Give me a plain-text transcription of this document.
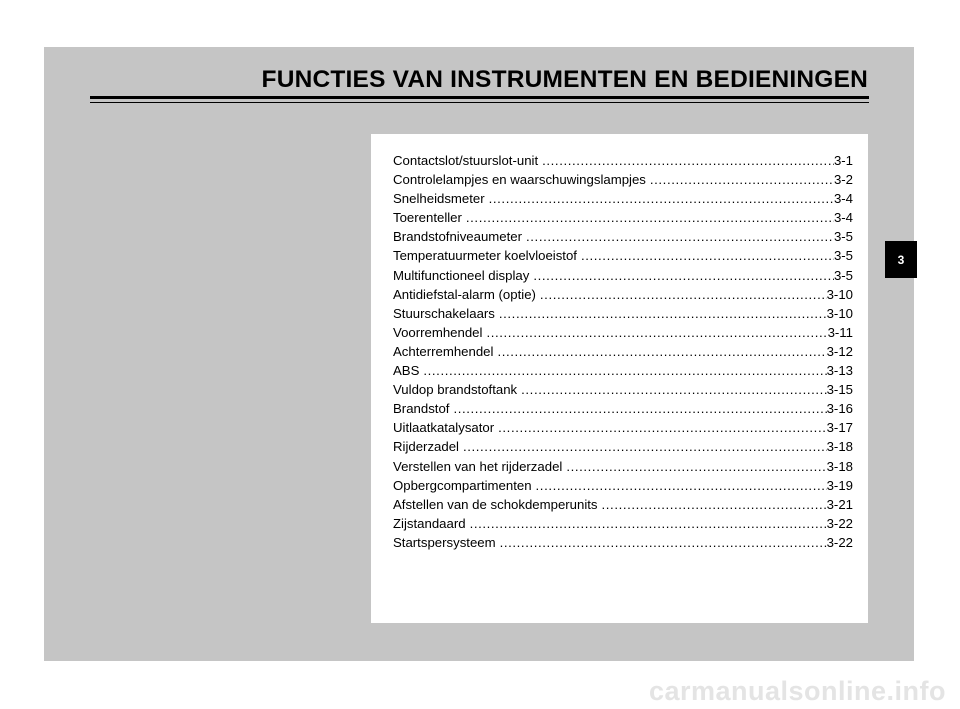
FUNCTIES VAN INSTRUMENTEN EN BEDIENINGEN
Contactslot/stuurslot-unit .....	3-1
Controlelampjes en waarschuwingslampjes .....	3-2
Snelheidsmeter .....	3-4
Toerenteller .....	3-4
Brandstofniveaumeter .....	3-5
Temperatuurmeter koelvloeistof .....	3-5
Multifunctioneel display .....	3-5
Antidiefstal-alarm (optie) .....	3-10
Stuurschakelaars .....	3-10
Voorremhendel .....	3-11
Achterremhendel .....	3-12
ABS .....	3-13
Vuldop brandstoftank .....	3-15
Brandstof .....	3-16
Uitlaatkatalysator .....	3-17
Rijderzadel .....	3-18
Verstellen van het rijderzadel .....	3-18
Opbergcompartimenten .....	3-19
Afstellen van de schokdemperunits .....	3-21
Zijstandaard .....	3-22
Startspersysteem .....	3-22
3
carmanualsonline.info
